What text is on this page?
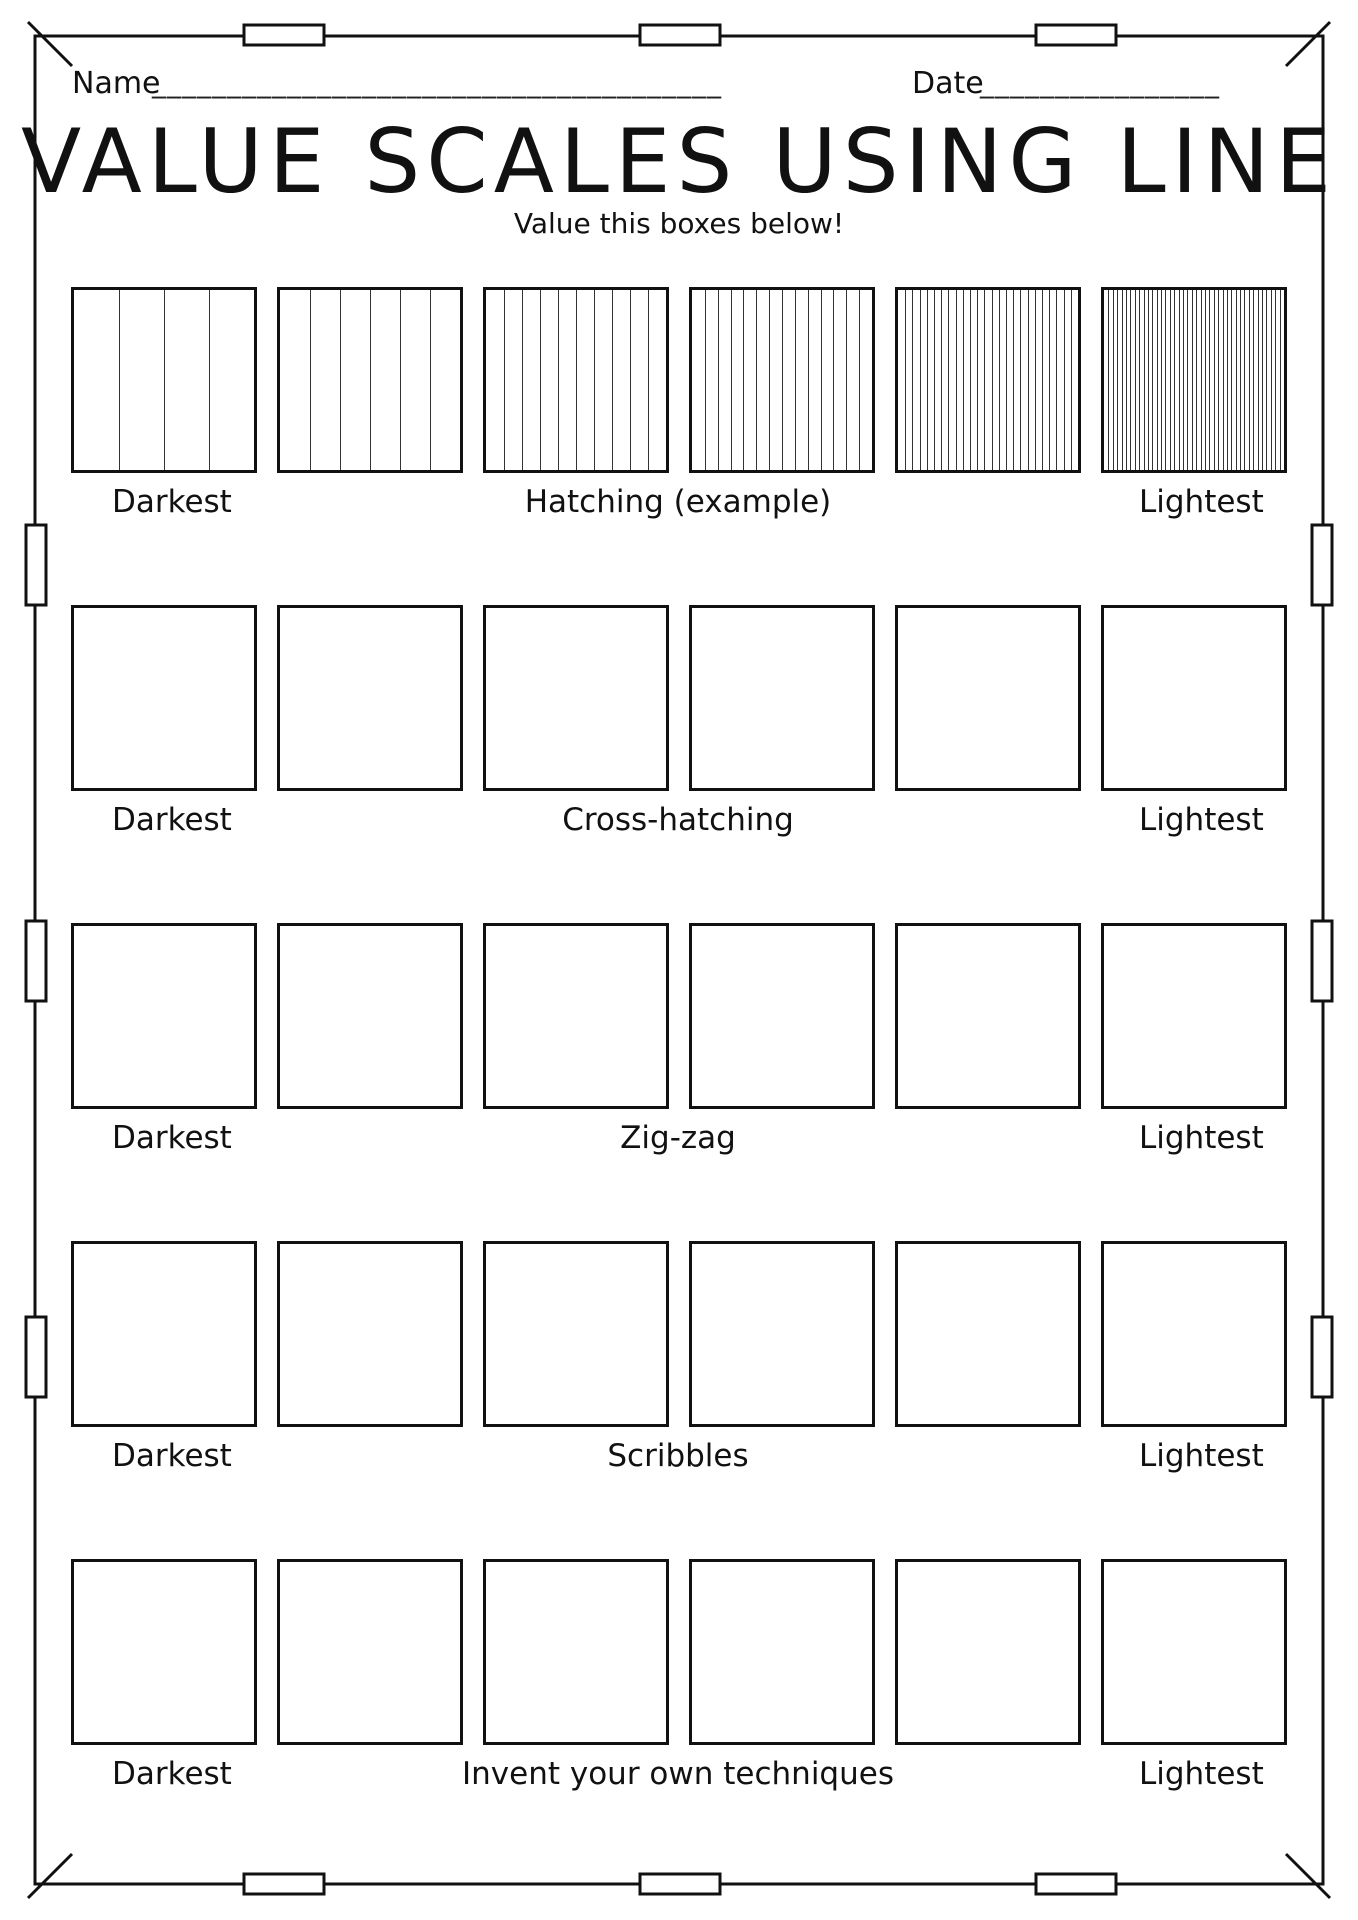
Name
______________________________________	Date
________________
VALUE SCALES USING LINE
Value this boxes below!
Darkest	Hatching (example)	Lightest
Darkest	Cross-hatching	Lightest
Darkest	Zig-zag	Lightest
Darkest	Scribbles	Lightest
Darkest	Invent your own techniques	Lightest
